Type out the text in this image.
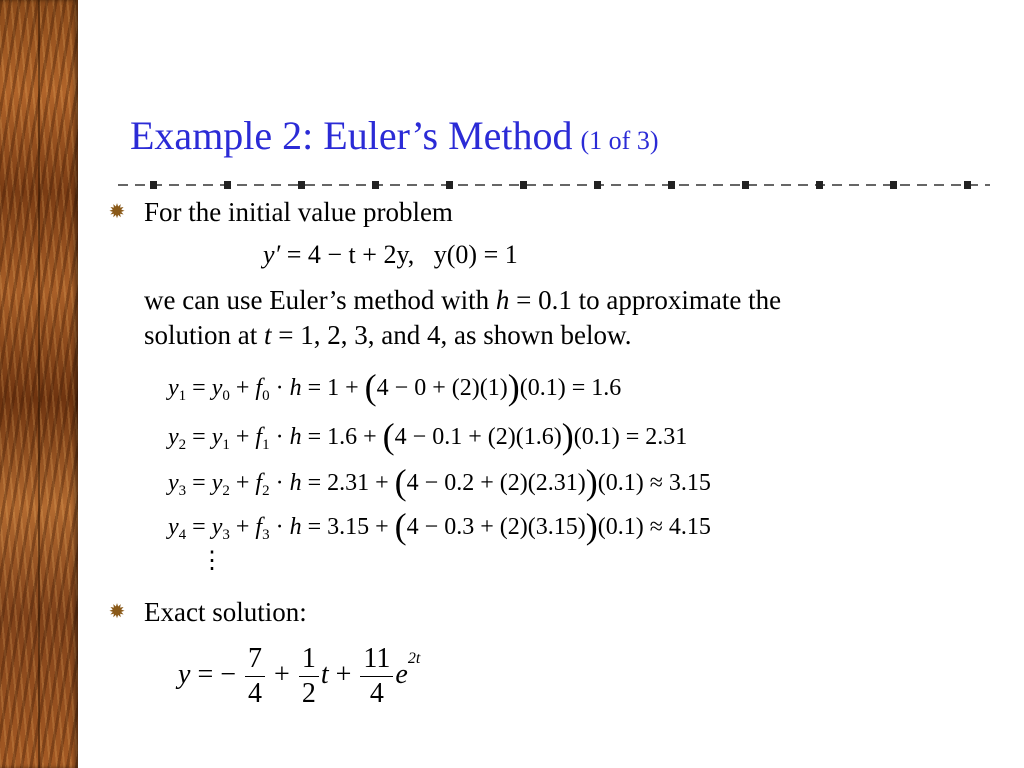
Example 2: Euler’s Method (1 of 3)
✹ For the initial value problem
y′ = 4 − t + 2y, y(0) = 1
we can use Euler’s method with h = 0.1 to approximate the
solution at t = 1, 2, 3, and 4, as shown below.
$y_1 = y_0 + f_0 \cdot h = 1 + (4 - 0 + (2)(1))(0.1) = 1.6$
$y_2 = y_1 + f_1 \cdot h = 1.6 + (4 - 0.1 + (2)(1.6))(0.1) = 2.31$
$y_3 = y_2 + f_2 \cdot h = 2.31 + (4 - 0.2 + (2)(2.31))(0.1) \approx 3.15$
$y_4 = y_3 + f_3 \cdot h = 3.15 + (4 - 0.3 + (2)(3.15))(0.1) \approx 4.15$
⋮
✹ Exact solution:
y = − $\frac{7}{4} + \frac{1}{2}$ $t + \frac{11}{4} e^{2t}$
